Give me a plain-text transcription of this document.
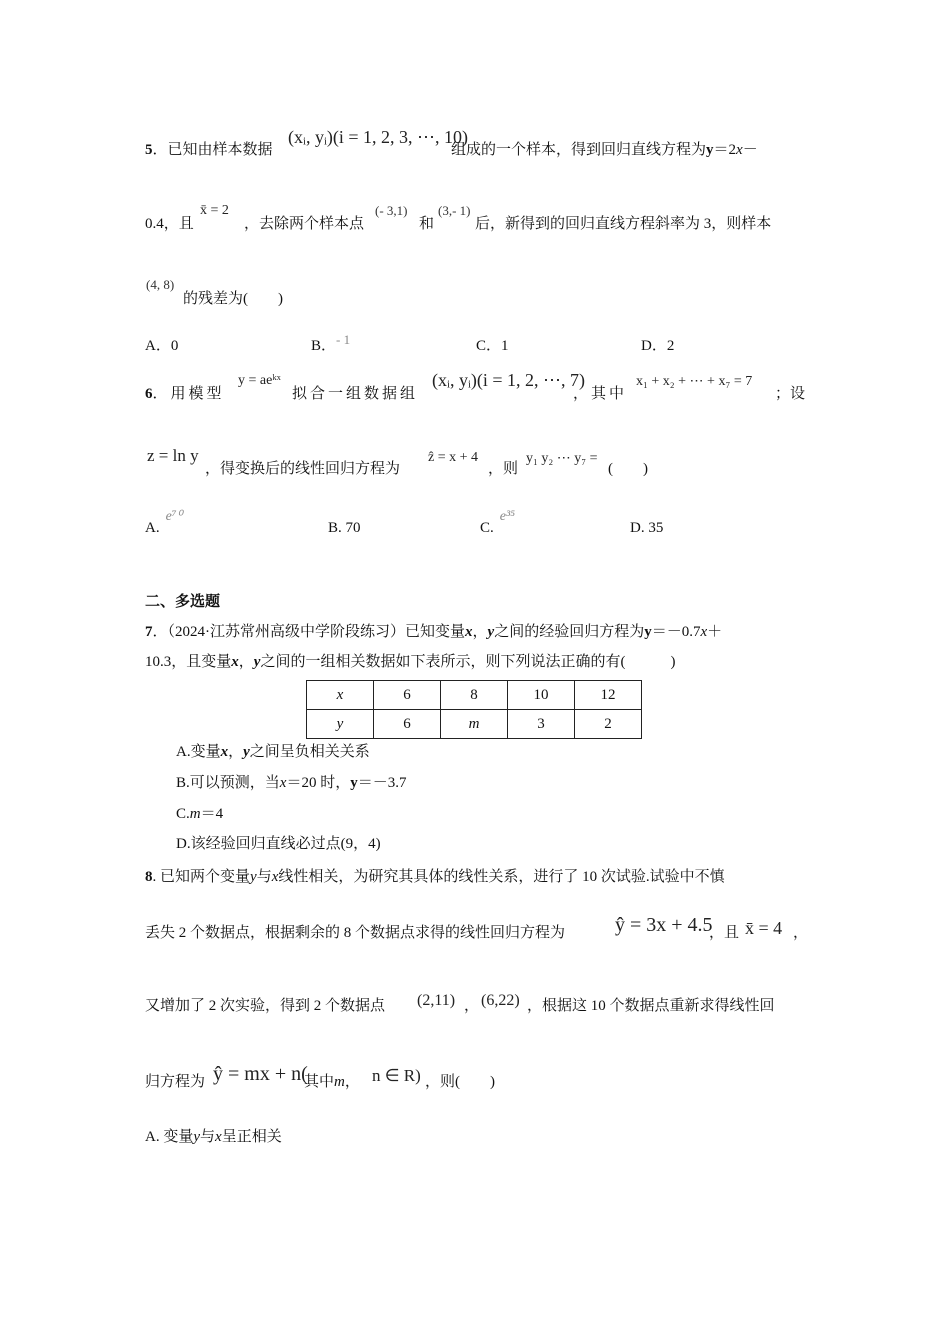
5．已知由样本数据
(xᵢ, yᵢ)(i = 1, 2, 3, ⋯, 10)
组成的一个样本，得到回归直线方程为y＝2x－
0.4，且
x̄ = 2
，去除两个样本点
(- 3,1)
和
(3,- 1)
后，新得到的回归直线方程斜率为 3，则样本
(4, 8)
的残差为(　　)
A．0	B．- 1	C．1	D．2
6．用模型
y = aeᵏˣ
拟合一组数据组
(xᵢ, yᵢ)(i = 1, 2, ⋯, 7)
，其中
x₁ + x₂ + ⋯ + x₇ = 7
；设
z = ln y
，得变换后的线性回归方程为
ẑ = x + 4
，则
y₁ y₂ ⋯ y₇ =
(　　)
A.e⁷⁰
B. 70	C.e³⁵
D. 35
二、多选题
7．（2024·江苏常州高级中学阶段练习）已知变量x，y之间的经验回归方程为y＝－0.7x＋
10.3，且变量x，y之间的一组相关数据如下表所示，则下列说法正确的有(　　　)
x	6	8	10	12
y	6	m	3	2
A.变量x，y之间呈负相关关系
B.可以预测，当x＝20 时，y＝－3.7
C.m＝4
D.该经验回归直线必过点(9，4)
8. 已知两个变量y与x线性相关，为研究其具体的线性关系，进行了 10 次试验.试验中不慎
丢失 2 个数据点，根据剩余的 8 个数据点求得的线性回归方程为 ŷ = 3x + 4.5
，且 x̄ = 4 ，
又增加了 2 次实验，得到 2 个数据点 (2,11) ， (6,22) ，根据这 10 个数据点重新求得线性回
归方程为 ŷ = mx + n(
其中m， n ∈ R) ，则(　　)
A. 变量y与x呈正相关
